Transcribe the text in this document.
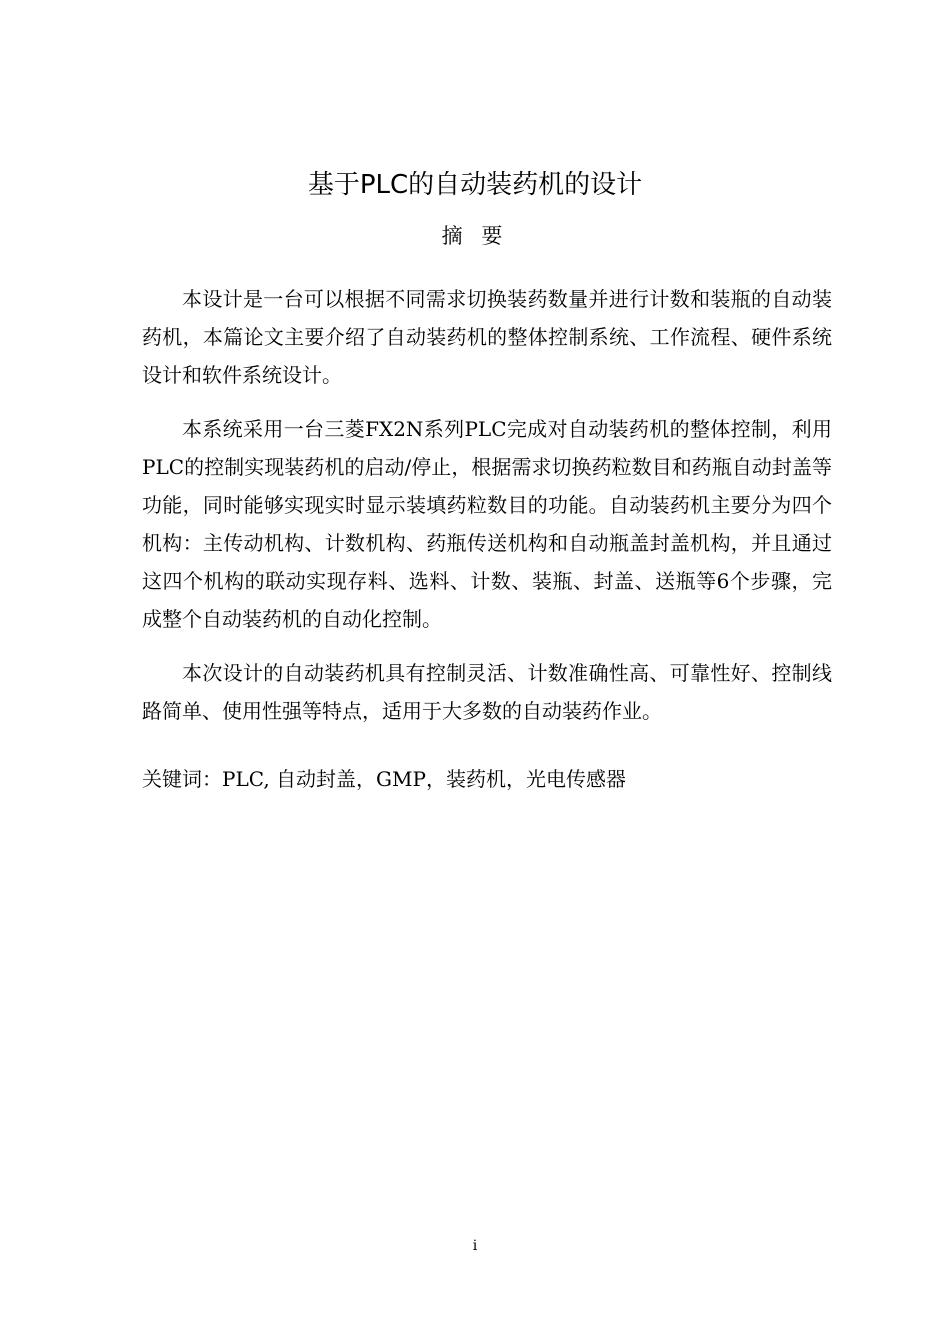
基于PLC的自动装药机的设计
摘 要

本设计是一台可以根据不同需求切换装药数量并进行计数和装瓶的自动装药机，本篇论文主要介绍了自动装药机的整体控制系统、工作流程、硬件系统设计和软件系统设计。

本系统采用一台三菱FX2N系列PLC完成对自动装药机的整体控制，利用PLC的控制实现装药机的启动/停止，根据需求切换药粒数目和药瓶自动封盖等功能，同时能够实现实时显示装填药粒数目的功能。自动装药机主要分为四个机构：主传动机构、计数机构、药瓶传送机构和自动瓶盖封盖机构，并且通过这四个机构的联动实现存料、选料、计数、装瓶、封盖、送瓶等6个步骤，完成整个自动装药机的自动化控制。

本次设计的自动装药机具有控制灵活、计数准确性高、可靠性好、控制线路简单、使用性强等特点，适用于大多数的自动装药作业。

关键词：PLC, 自动封盖，GMP，装药机，光电传感器
i
